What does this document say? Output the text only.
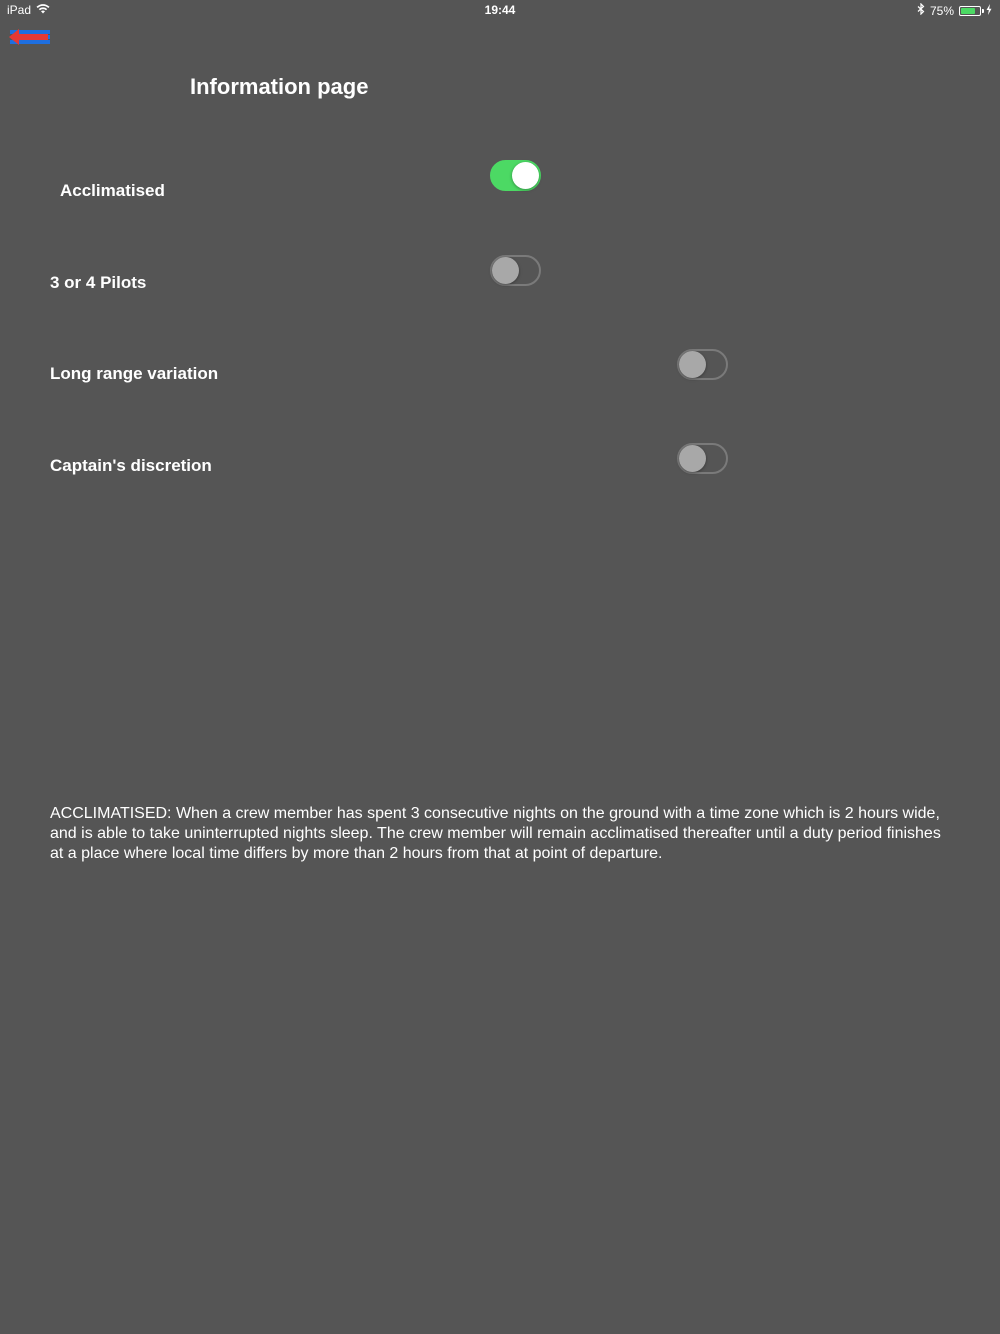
iPad	19:44	75%
Information page
Acclimatised
3 or 4 Pilots
Long range variation
Captain's discretion
ACCLIMATISED: When a crew member has spent 3 consecutive nights on the ground with a time zone which is 2 hours wide, and is able to take uninterrupted nights sleep. The crew member will remain acclimatised thereafter until a duty period finishes at a place where local time differs by more than 2 hours from that at point of departure.
